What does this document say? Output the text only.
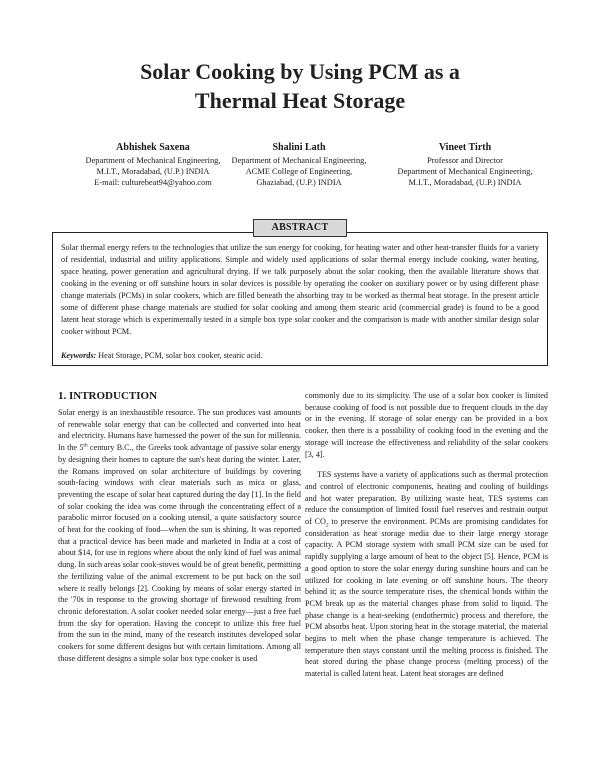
Solar Cooking by Using PCM as a
Thermal Heat Storage
Abhishek Saxena
Department of Mechanical Engineering,
M.I.T., Moradabad, (U.P.) INDIA
E-mail: culturebeat94@yahoo.com
Shalini Lath
Department of Mechanical Engineering,
ACME College of Engineering,
Ghaziabad, (U.P.) INDIA
Vineet Tirth
Professor and Director
Department of Mechanical Engineering,
M.I.T., Moradabad, (U.P.) INDIA
Solar thermal energy refers to the technologies that utilize the sun energy for cooking, for heating water and other heat-transfer fluids for a variety of residential, industrial and utility applications. Simple and widely used applications of solar thermal energy include cooking, water heating, space heating, power generation and agricultural drying. If we talk purposely about the solar cooking, then the available literature shows that cooking in the evening or off sunshine hours in solar devices is possible by operating the cooker on auxiliary power or by using different phase change materials (PCMs) in solar cookers, which are filled beneath the absorbing tray to be worked as thermal heat storage. In the present article some of different phase change materials are studied for solar cooking and among them stearic acid (commercial grade) is found to be a good latent heat storage which is experimentally tested in a simple box type solar cooker and the comparison is made with another similar design solar cooker without PCM.
Keywords: Heat Storage, PCM, solar box cooker, stearic acid.
ABSTRACT
1. INTRODUCTION

Solar energy is an inexhaustible resource. The sun produces vast amounts of renewable solar energy that can be collected and converted into heat and electricity. Humans have harnessed the power of the sun for millennia. In the 5th century B.C., the Greeks took advantage of passive solar energy by designing their homes to capture the sun's heat during the winter. Later, the Romans improved on solar architecture of buildings by covering south-facing windows with clear materials such as mica or glass, preventing the escape of solar heat captured during the day [1]. In the field of solar cooking the idea was come through the concentrating effect of a parabolic mirror focused on a cooking utensil, a quite satisfactory source of heat for the cooking of food—when the sun is shining. It was reported that a practical device has been made and marketed in India at a cost of about $14, for use in regions where about the only kind of fuel was animal dung. In such areas solar cook-stoves would be of great benefit, permitting the fertilizing value of the animal excrement to be put back on the soil where it really belongs [2]. Cooking by means of solar energy started in the '70s in response to the growing shortage of firewood resulting from chronic deforestation. A solar cooker needed solar energy—just a free fuel from the sky for operation. Having the concept to utilize this free fuel from the sun in the mind, many of the research institutes developed solar cookers for some different designs but with certain limitations. Among all those different designs a simple solar box type cooker is used

commonly due to its simplicity. The use of a solar box cooker is limited because cooking of food is not possible due to frequent clouds in the day or in the evening. If storage of solar energy can be provided in a box cooker, then there is a possibility of cooking food in the evening and the storage will increase the effectiveness and reliability of the solar cookers [3, 4].

TES systems have a variety of applications such as thermal protection and control of electronic components, heating and cooling of buildings and hot water preparation. By utilizing waste heat, TES systems can reduce the consumption of limited fossil fuel reserves and restrain output of $CO_2$ to preserve the environment. PCMs are promising candidates for consideration as heat storage media due to their large energy storage capacity. A PCM storage system with small PCM size can be used for rapidly supplying a large amount of heat to the object [5]. Hence, PCM is a good option to store the solar energy during sunshine hours and can be utilized for cooking in late evening or off sunshine hours. The theory behind it; as the source temperature rises, the chemical bonds within the PCM break up as the material changes phase from solid to liquid. The phase change is a heat-seeking (endothermic) process and therefore, the PCM absorbs heat. Upon storing heat in the storage material, the material begins to melt when the phase change temperature is achieved. The temperature then stays constant until the melting process is finished. The heat stored during the phase change process (melting process) of the material is called latent heat. Latent heat storages are defined
